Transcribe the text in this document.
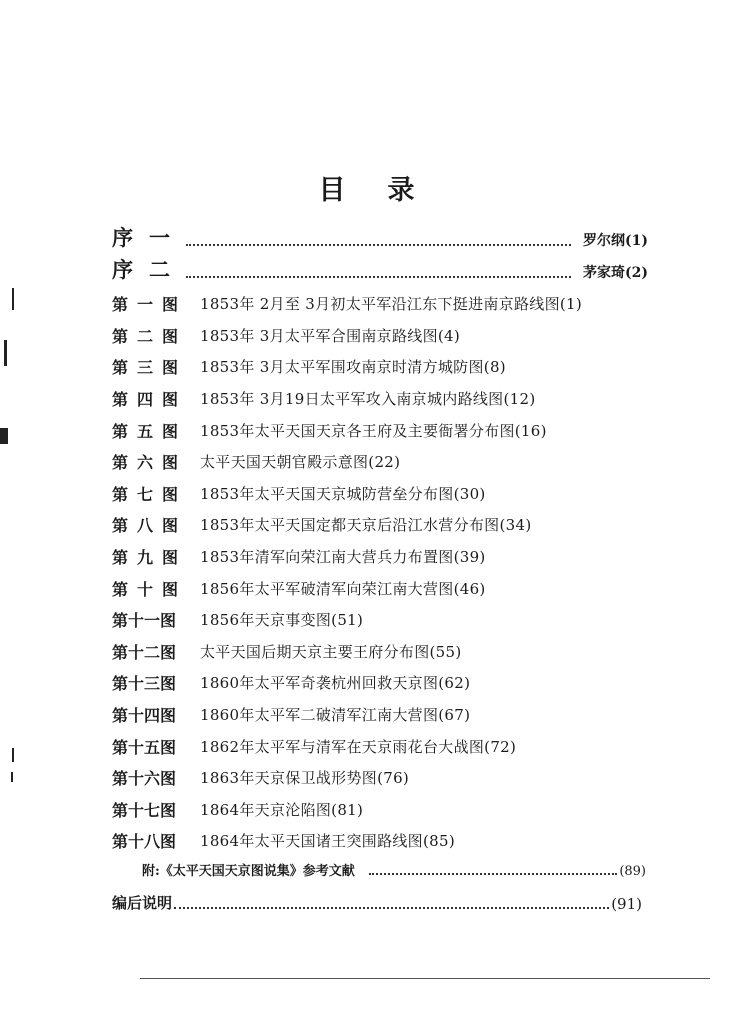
目录
序一	罗尔纲(1)
序二	茅家琦(2)
第一图 1853年 2月至 3月初太平军沿江东下挺进南京路线图(1)
第二图 1853年 3月太平军合围南京路线图(4)
第三图 1853年 3月太平军围攻南京时清方城防图(8)
第四图 1853年 3月19日太平军攻入南京城内路线图(12)
第五图 1853年太平天国天京各王府及主要衙署分布图(16)
第六图 太平天国天朝官殿示意图(22)
第七图 1853年太平天国天京城防营垒分布图(30)
第八图 1853年太平天国定都天京后沿江水营分布图(34)
第九图 1853年清军向荣江南大营兵力布置图(39)
第十图 1856年太平军破清军向荣江南大营图(46)
第十一图	1856年天京事变图(51)
第十二图	太平天国后期天京主要王府分布图(55)
第十三图	1860年太平军奇袭杭州回救天京图(62)
第十四图	1860年太平军二破清军江南大营图(67)
第十五图	1862年太平军与清军在天京雨花台大战图(72)
第十六图	1863年天京保卫战形势图(76)
第十七图	1864年天京沦陷图(81)
第十八图	1864年太平天国诸王突围路线图(85)
附:《太平天国天京图说集》参考文献	(89)
编后说明	(91)
